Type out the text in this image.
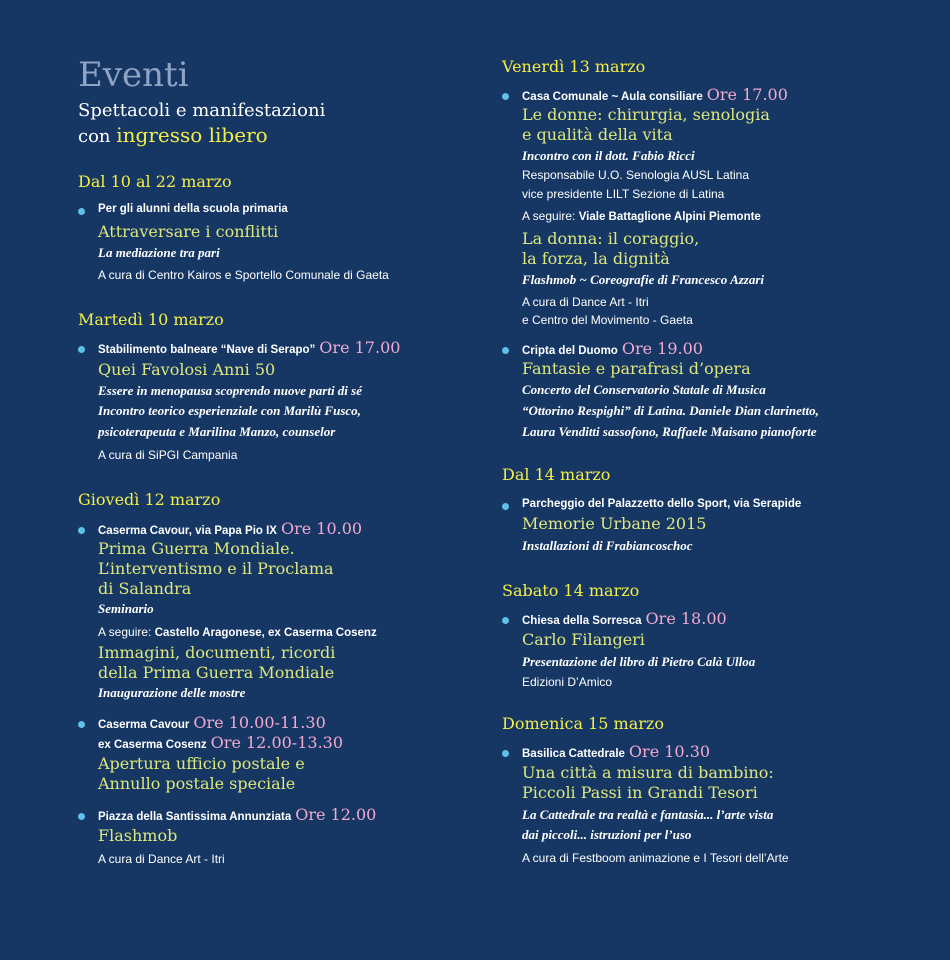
Eventi
Spettacoli e manifestazioni
con ingresso libero
Dal 10 al 22 marzo
Per gli alunni della scuola primaria
Attraversare i conflitti
La mediazione tra pari
A cura di Centro Kairos e Sportello Comunale di Gaeta
Martedì 10 marzo
Stabilimento balneare “Nave di Serapo” Ore 17.00
Quei Favolosi Anni 50
Essere in menopausa scoprendo nuove parti di sé
Incontro teorico esperienziale con Marilù Fusco,
psicoterapeuta e Marilina Manzo, counselor
A cura di SiPGI Campania
Giovedì 12 marzo
Caserma Cavour, via Papa Pio IX Ore 10.00
Prima Guerra Mondiale.
L’interventismo e il Proclama
di Salandra
Seminario
A seguire: Castello Aragonese, ex Caserma Cosenz
Immagini, documenti, ricordi
della Prima Guerra Mondiale
Inaugurazione delle mostre
Caserma Cavour Ore 10.00-11.30
ex Caserma Cosenz Ore 12.00-13.30
Apertura ufficio postale e
Annullo postale speciale
Piazza della Santissima Annunziata Ore 12.00
Flashmob
A cura di Dance Art - Itri
Venerdì 13 marzo
Casa Comunale ~ Aula consiliare Ore 17.00
Le donne: chirurgia, senologia
e qualità della vita
Incontro con il dott. Fabio Ricci
Responsabile U.O. Senologia AUSL Latina
vice presidente LILT Sezione di Latina
A seguire: Viale Battaglione Alpini Piemonte
La donna: il coraggio,
la forza, la dignità
Flashmob ~ Coreografie di Francesco Azzari
A cura di Dance Art - Itri
e Centro del Movimento - Gaeta
Cripta del Duomo Ore 19.00
Fantasie e parafrasi d’opera
Concerto del Conservatorio Statale di Musica
“Ottorino Respighi” di Latina. Daniele Dian clarinetto,
Laura Venditti sassofono, Raffaele Maisano pianoforte
Dal 14 marzo
Parcheggio del Palazzetto dello Sport, via Serapide
Memorie Urbane 2015
Installazioni di Frabiancoschoc
Sabato 14 marzo
Chiesa della Sorresca Ore 18.00
Carlo Filangeri
Presentazione del libro di Pietro Calà Ulloa
Edizioni D’Amico
Domenica 15 marzo
Basilica Cattedrale Ore 10.30
Una città a misura di bambino:
Piccoli Passi in Grandi Tesori
La Cattedrale tra realtà e fantasia... l’arte vista
dai piccoli... istruzioni per l’uso
A cura di Festboom animazione e I Tesori dell’Arte
